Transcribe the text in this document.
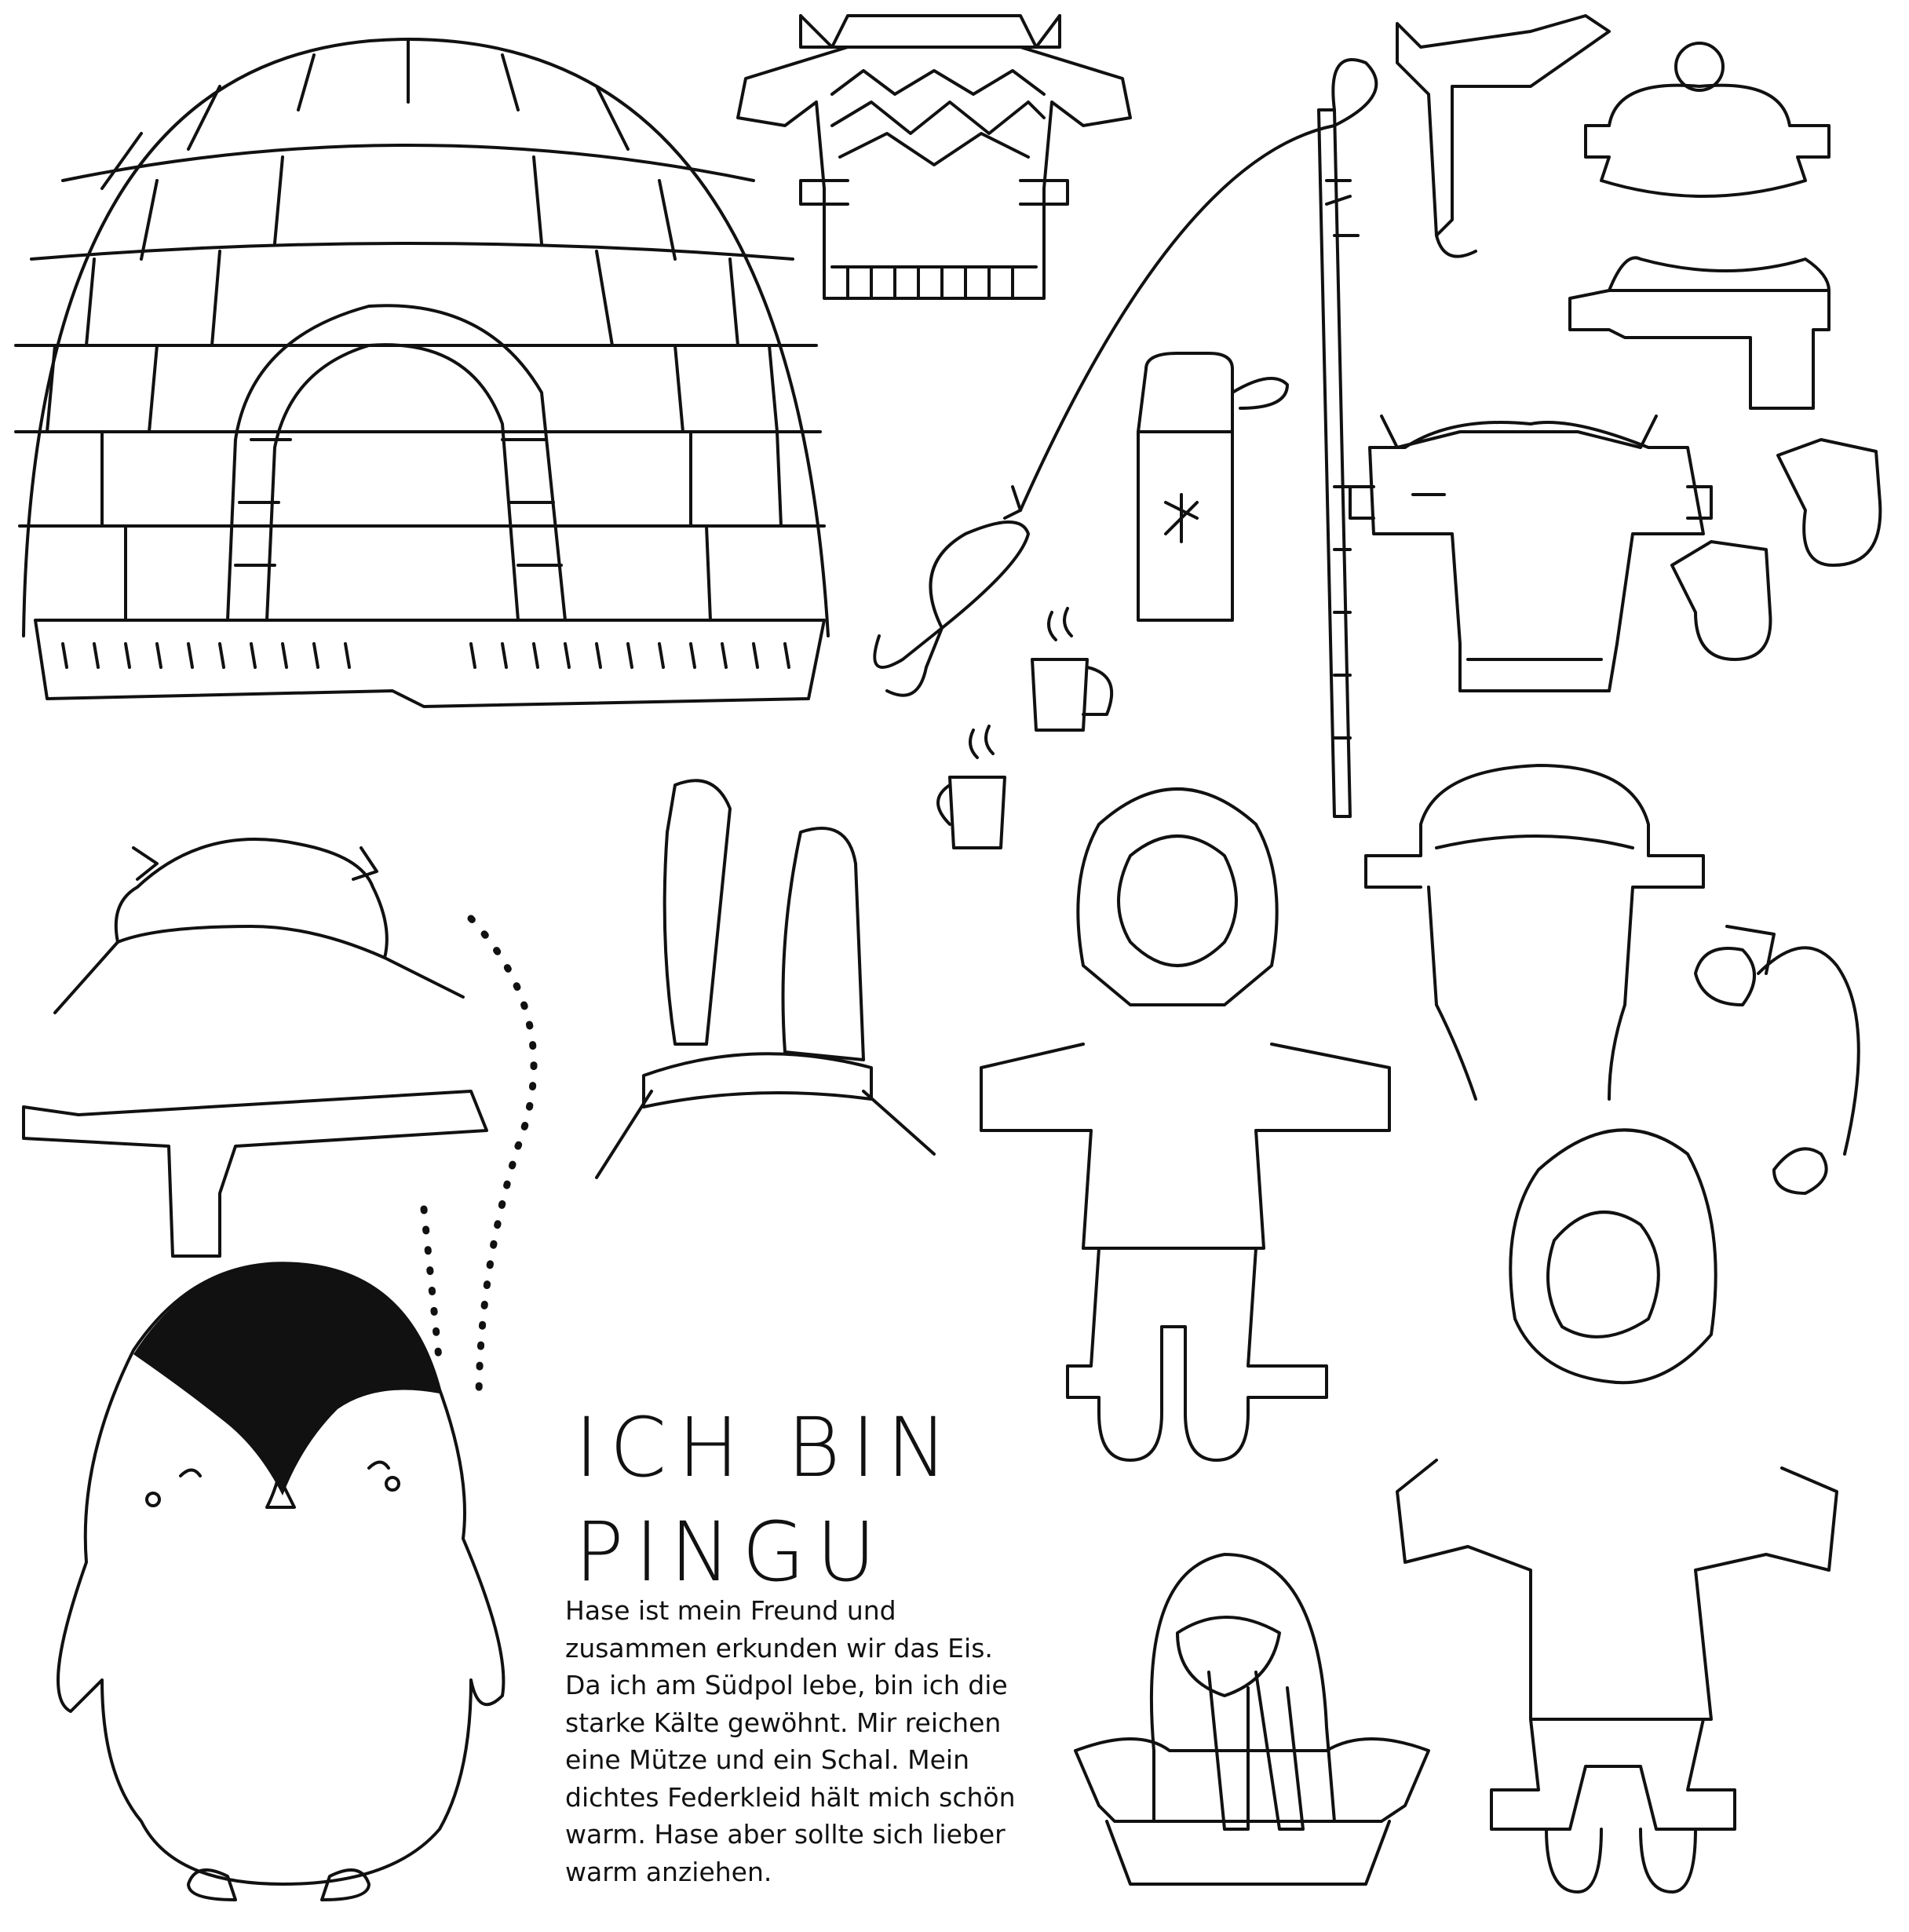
ICH BIN
PINGU

Hase ist mein Freund und
zusammen erkunden wir das Eis.
Da ich am Südpol lebe, bin ich die
starke Kälte gewöhnt. Mir reichen
eine Mütze und ein Schal. Mein
dichtes Federkleid hält mich schön
warm. Hase aber sollte sich lieber
warm anziehen.
